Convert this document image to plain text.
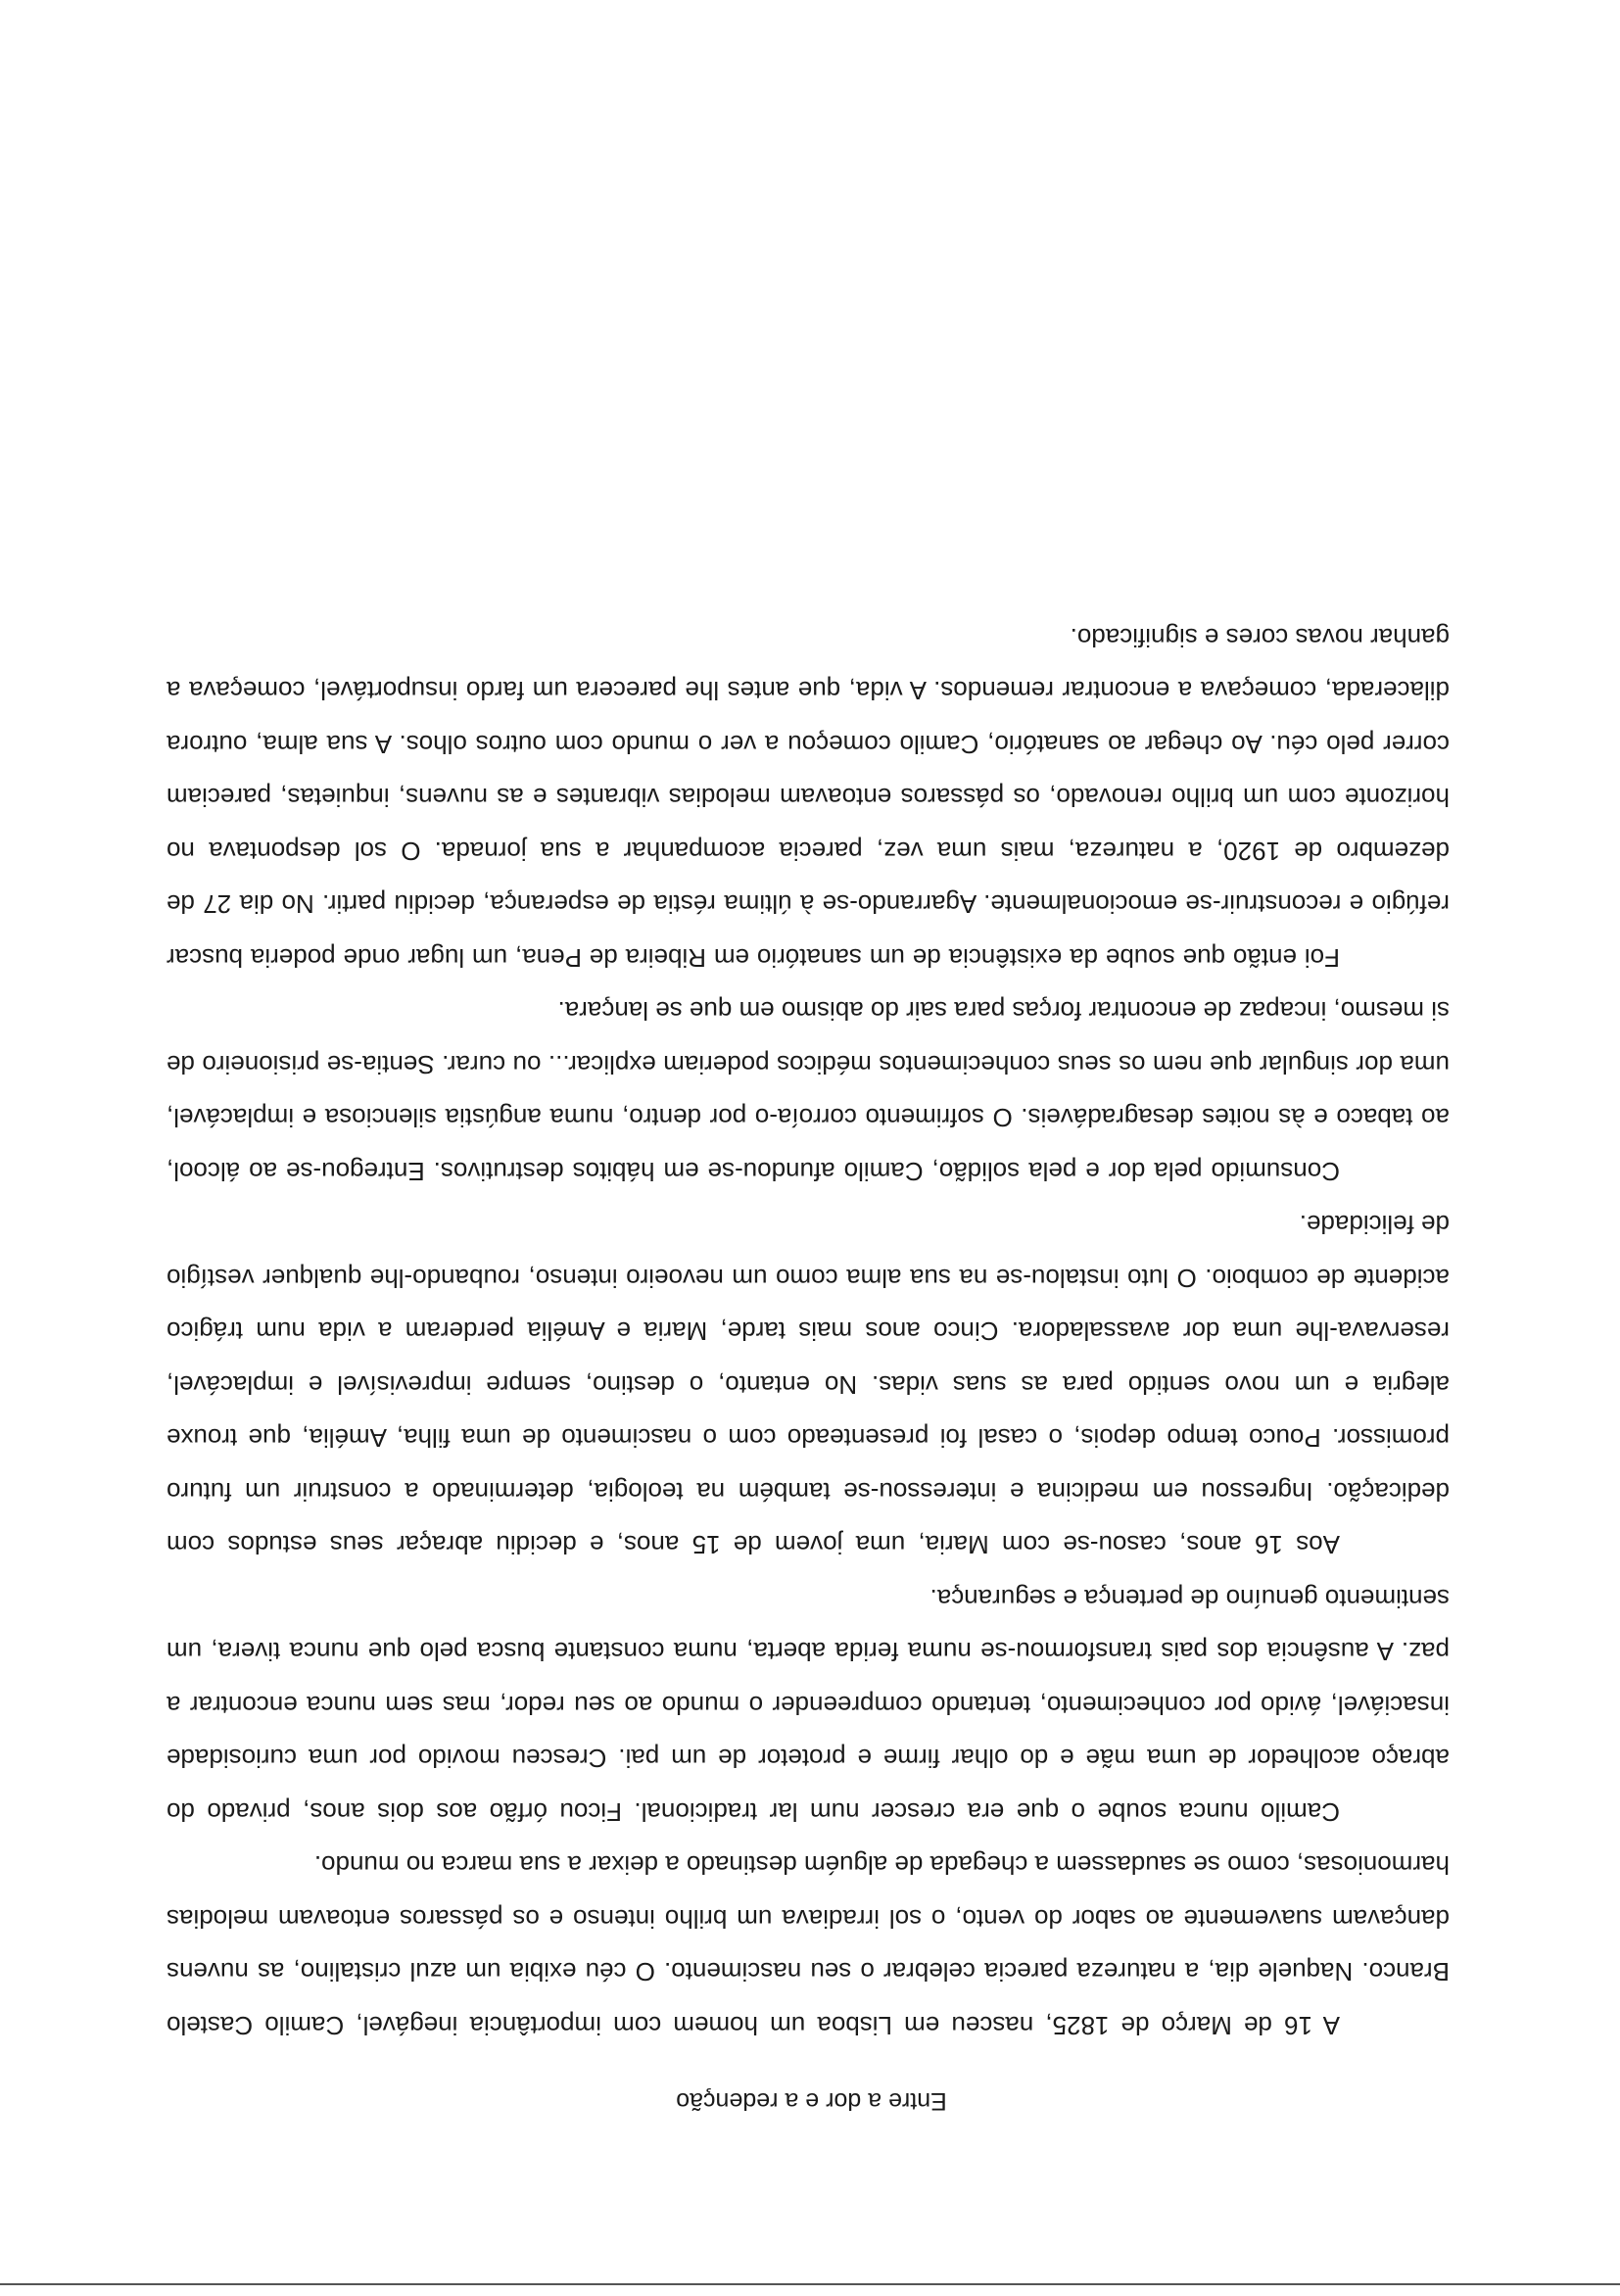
Entre a dor e a redenção

A 16 de Março de 1825, nasceu em Lisboa um homem com importância inegável, Camilo Castelo Branco. Naquele dia, a natureza parecia celebrar o seu nascimento. O céu exibia um azul cristalino, as nuvens dançavam suavemente ao sabor do vento, o sol irradiava um brilho intenso e os pássaros entoavam melodias harmoniosas, como se saudassem a chegada de alguém destinado a deixar a sua marca no mundo.

Camilo nunca soube o que era crescer num lar tradicional. Ficou órfão aos dois anos, privado do abraço acolhedor de uma mãe e do olhar firme e protetor de um pai. Cresceu movido por uma curiosidade insaciável, ávido por conhecimento, tentando compreender o mundo ao seu redor, mas sem nunca encontrar a paz. A ausência dos pais transformou-se numa ferida aberta, numa constante busca pelo que nunca tivera, um sentimento genuíno de pertença e segurança.

Aos 16 anos, casou-se com Maria, uma jovem de 15 anos, e decidiu abraçar seus estudos com dedicação. Ingressou em medicina e interessou-se também na teologia, determinado a construir um futuro promissor. Pouco tempo depois, o casal foi presenteado com o nascimento de uma filha, Amélia, que trouxe alegria e um novo sentido para as suas vidas. No entanto, o destino, sempre imprevisível e implacável, reservava-lhe uma dor avassaladora. Cinco anos mais tarde, Maria e Amélia perderam a vida num trágico acidente de comboio. O luto instalou-se na sua alma como um nevoeiro intenso, roubando-lhe qualquer vestígio de felicidade.

Consumido pela dor e pela solidão, Camilo afundou-se em hábitos destrutivos. Entregou-se ao álcool, ao tabaco e às noites desagradáveis. O sofrimento corroía-o por dentro, numa angústia silenciosa e implacável, uma dor singular que nem os seus conhecimentos médicos poderiam explicar... ou curar. Sentia-se prisioneiro de si mesmo, incapaz de encontrar forças para sair do abismo em que se lançara.

Foi então que soube da existência de um sanatório em Ribeira de Pena, um lugar onde poderia buscar refúgio e reconstruir-se emocionalmente. Agarrando-se à última réstia de esperança, decidiu partir. No dia 27 de dezembro de 1920, a natureza, mais uma vez, parecia acompanhar a sua jornada. O sol despontava no horizonte com um brilho renovado, os pássaros entoavam melodias vibrantes e as nuvens, inquietas, pareciam correr pelo céu. Ao chegar ao sanatório, Camilo começou a ver o mundo com outros olhos. A sua alma, outrora dilacerada, começava a encontrar remendos. A vida, que antes lhe parecera um fardo insuportável, começava a ganhar novas cores e significado.
